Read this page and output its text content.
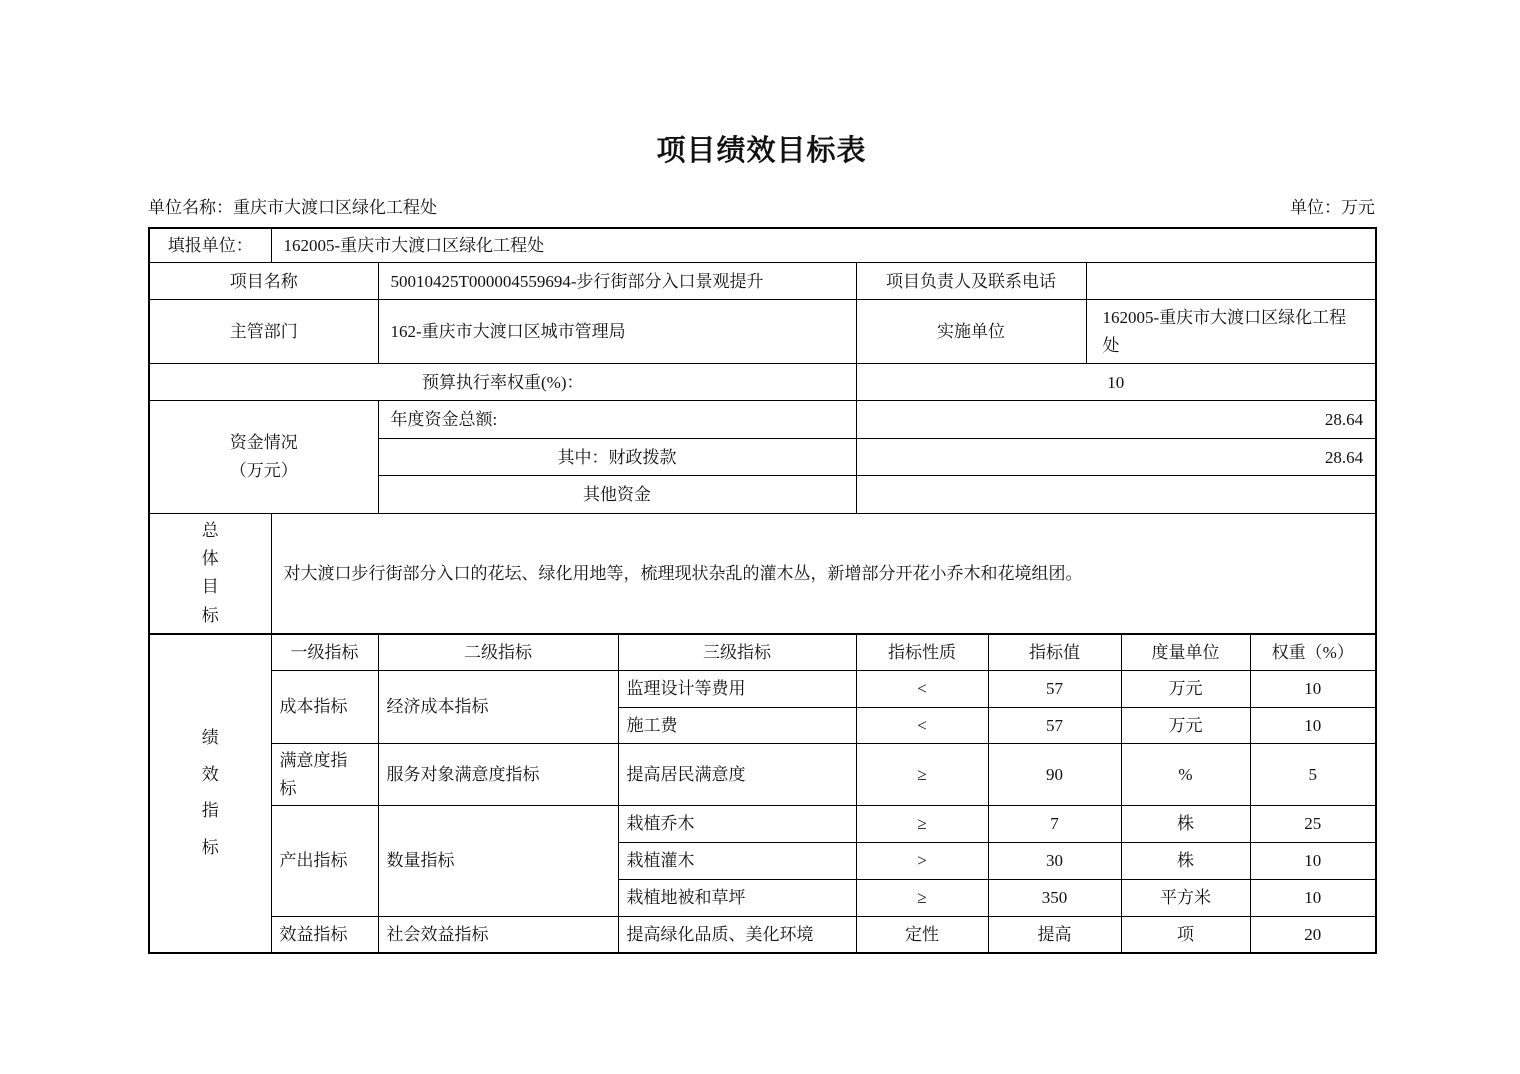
项目绩效目标表
单位名称：重庆市大渡口区绿化工程处	单位：万元
填报单位：	162005-重庆市大渡口区绿化工程处			
项目名称		50010425T000004559694-步行街部分入口景观提升	项目负责人及联系电话	
主管部门		162-重庆市大渡口区城市管理局	实施单位	162005-重庆市大渡口区绿化工程处
预算执行率权重(%)：			10	

资金情况
（万元）		年度资金总额:	28.64	
		其中：财政拨款	28.64	
		其他资金		
总体目标	对大渡口步行街部分入口的花坛、绿化用地等，梳理现状杂乱的灌木丛，新增部分开花小乔木和花境组团。			
绩效指标	一级指标	二级指标	三级指标	指标性质	指标值	度量单位	权重（%）
	成本指标	经济成本指标	监理设计等费用	<	57	万元	10
			施工费	<	57	万元	10
	满意度指标	服务对象满意度指标	提高居民满意度	≥	90	%	5
	产出指标	数量指标	栽植乔木	≥	7	株	25
			栽植灌木	>	30	株	10
			栽植地被和草坪	≥	350	平方米	10
	效益指标	社会效益指标	提高绿化品质、美化环境	定性	提高	项	20
